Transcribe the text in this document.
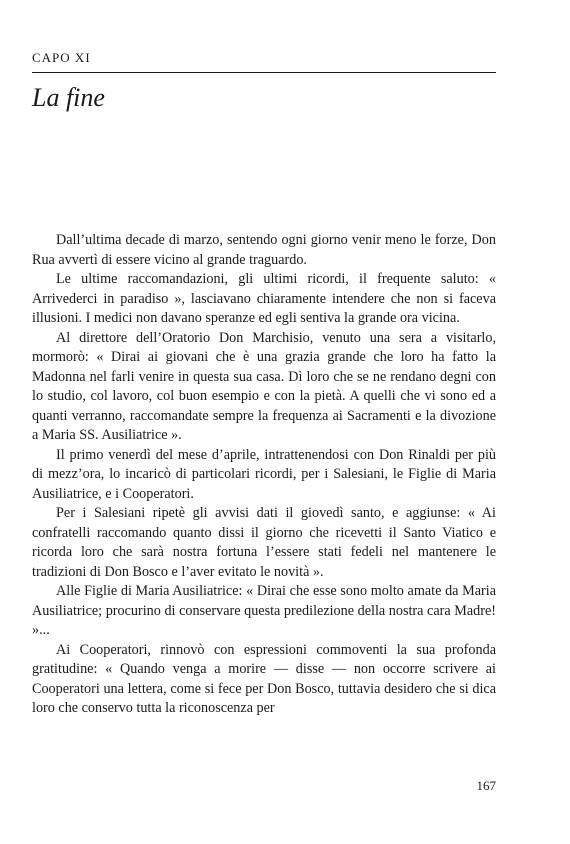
CAPO XI
La fine

Dall’ultima decade di marzo, sentendo ogni giorno venir meno le forze, Don Rua avvertì di essere vicino al grande traguardo.

Le ultime raccomandazioni, gli ultimi ricordi, il frequente saluto: « Arrivederci in paradiso », lasciavano chiaramente intendere che non si faceva illusioni. I medici non davano speranze ed egli sentiva la grande ora vicina.

Al direttore dell’Oratorio Don Marchisio, venuto una sera a visitarlo, mormorò: « Dirai ai giovani che è una grazia grande che loro ha fatto la Madonna nel farli venire in questa sua casa. Dì loro che se ne rendano degni con lo studio, col lavoro, col buon esempio e con la pietà. A quelli che vi sono ed a quanti verranno, raccomandate sempre la frequenza ai Sacramenti e la divozione a Maria SS. Ausiliatrice ».

Il primo venerdì del mese d’aprile, intrattenendosi con Don Rinaldi per più di mezz’ora, lo incaricò di particolari ricordi, per i Salesiani, le Figlie di Maria Ausiliatrice, e i Cooperatori.

Per i Salesiani ripetè gli avvisi dati il giovedì santo, e aggiunse: « Ai confratelli raccomando quanto dissi il giorno che ricevetti il Santo Viatico e ricorda loro che sarà nostra fortuna l’essere stati fedeli nel mantenere le tradizioni di Don Bosco e l’aver evitato le novità ».

Alle Figlie di Maria Ausiliatrice: « Dirai che esse sono molto amate da Maria Ausiliatrice; procurino di conservare questa predilezione della nostra cara Madre! »...

Ai Cooperatori, rinnovò con espressioni commoventi la sua profonda gratitudine: « Quando venga a morire — disse — non occorre scrivere ai Cooperatori una lettera, come si fece per Don Bosco, tuttavia desidero che si dica loro che conservo tutta la riconoscenza per

167
